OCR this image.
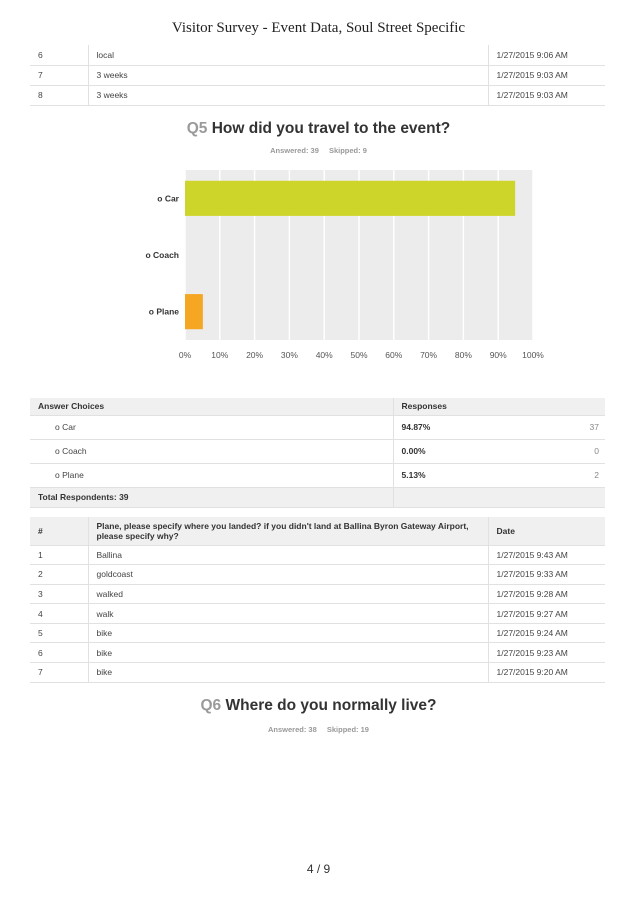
Visitor Survey - Event Data, Soul Street Specific
6	local	1/27/2015 9:06 AM
7	3 weeks	1/27/2015 9:03 AM
8	3 weeks	1/27/2015 9:03 AM
Q5 How did you travel to the event?
Answered: 39 Skipped: 9
0% 10% 20% 30% 40% 50% 60% 70% 80% 90% 100%
o Car
o Coach
o Plane
Answer Choices	Responses
o Car	94.87% 37

o Coach	0.00% 0

o Plane	5.13% 2

Total Respondents: 39	
#	Plane, please specify where you landed? if you didn't land at Ballina Byron Gateway Airport, please specify why?	Date
1	Ballina	1/27/2015 9:43 AM
2	goldcoast	1/27/2015 9:33 AM
3	walked	1/27/2015 9:28 AM
4	walk	1/27/2015 9:27 AM
5	bike	1/27/2015 9:24 AM
6	bike	1/27/2015 9:23 AM
7	bike	1/27/2015 9:20 AM
Q6 Where do you normally live?
Answered: 38 Skipped: 19
4 / 9
